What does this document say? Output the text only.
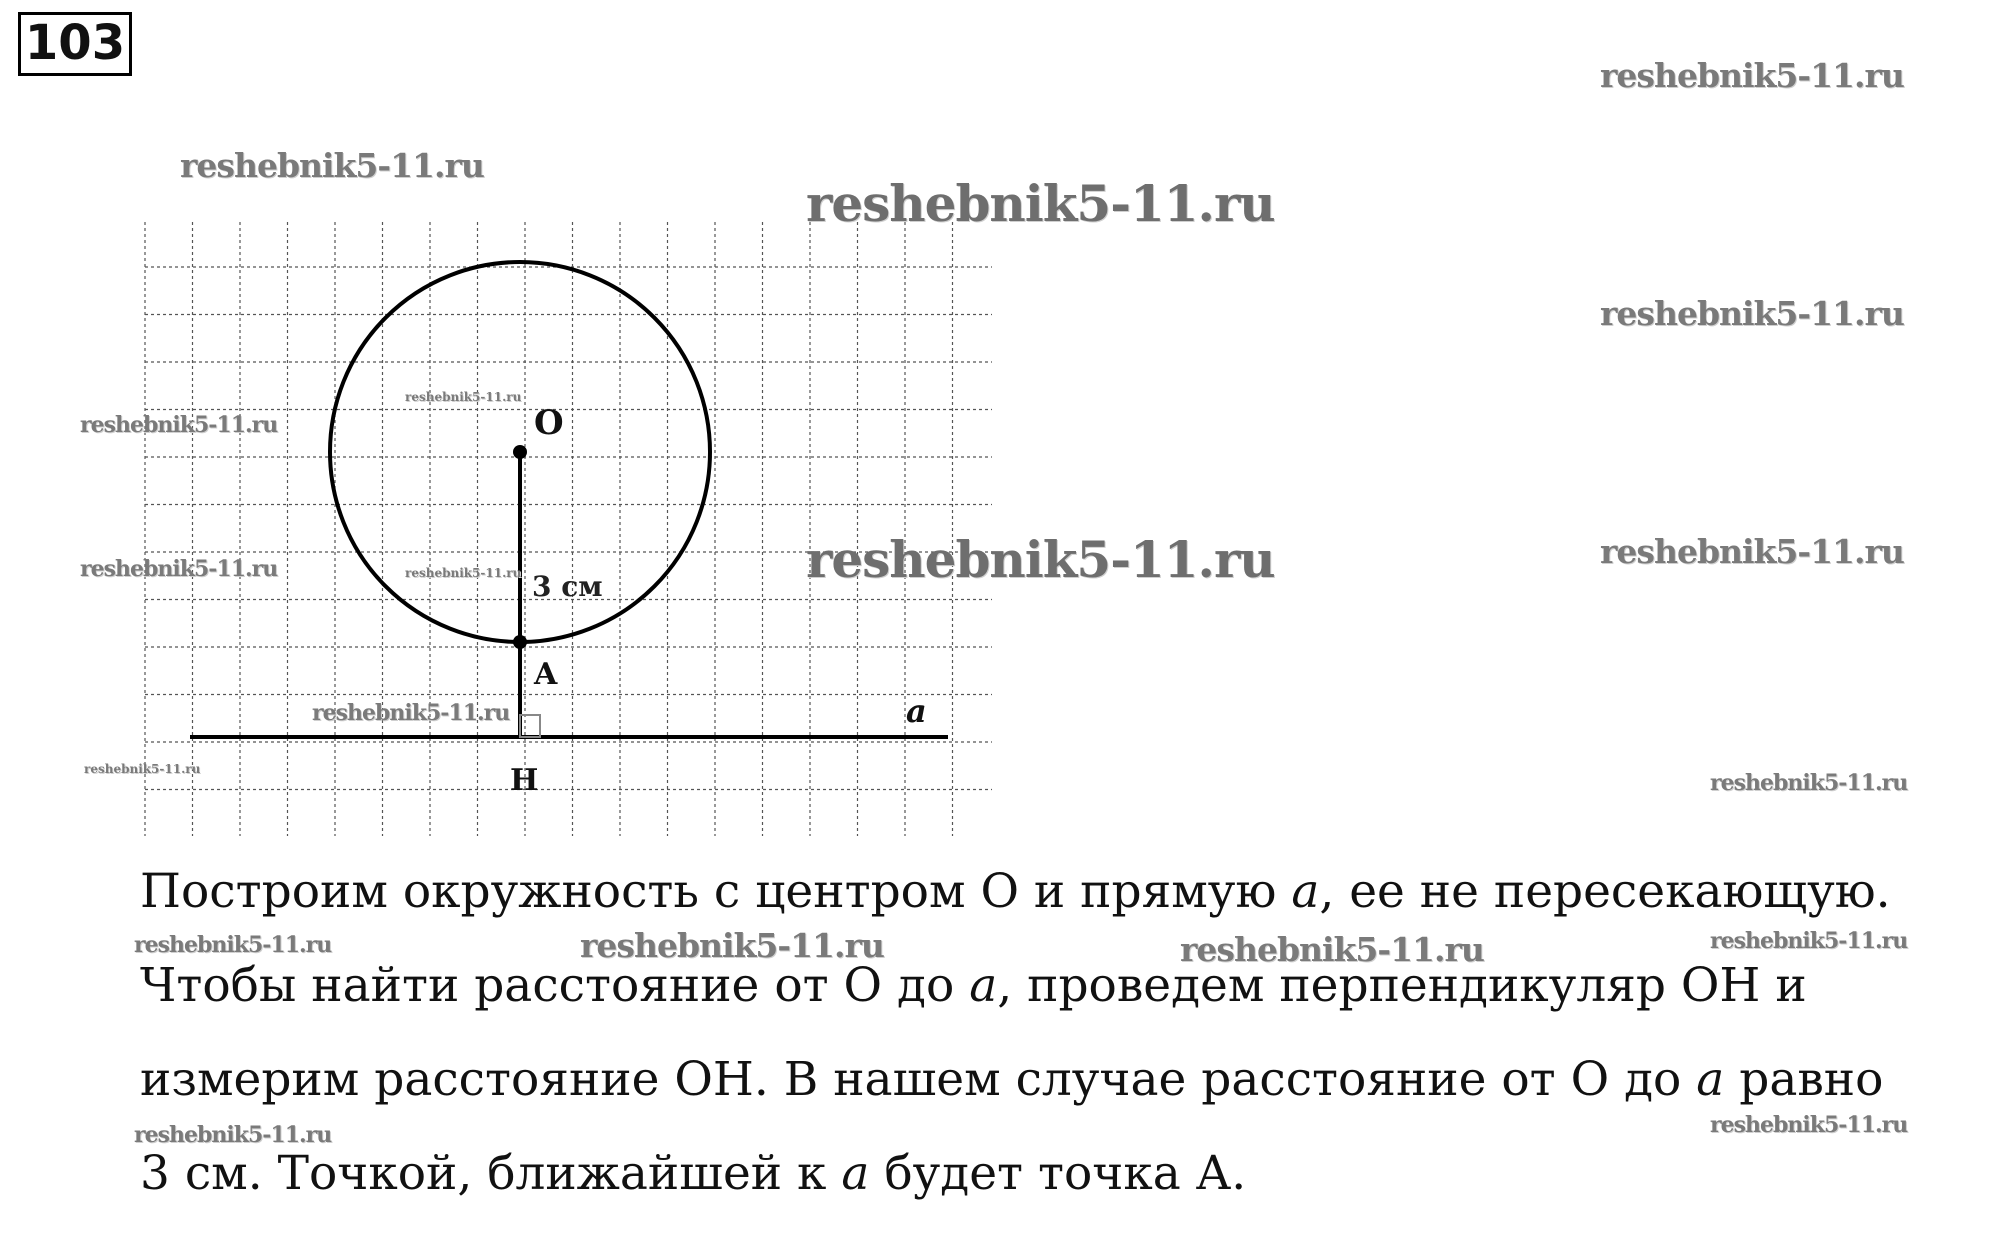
103
O
A
H
a
3 см
reshebnik5-11.ru
reshebnik5-11.ru
reshebnik5-11.ru
reshebnik5-11.ru
reshebnik5-11.ru
reshebnik5-11.ru
reshebnik5-11.ru
reshebnik5-11.ru
reshebnik5-11.ru
reshebnik5-11.ru
reshebnik5-11.ru
reshebnik5-11.ru
reshebnik5-11.ru
reshebnik5-11.ru
reshebnik5-11.ru
reshebnik5-11.ru	reshebnik5-11.ru
reshebnik5-11.ru
reshebnik5-11.ru

Построим окружность с центром O и прямую a, ее не пересекающую.

Чтобы найти расстояние от O до a, проведем перпендикуляр OH и

измерим расстояние OH. В нашем случае расстояние от O до a равно

3 см. Точкой, ближайшей к a будет точка А.
